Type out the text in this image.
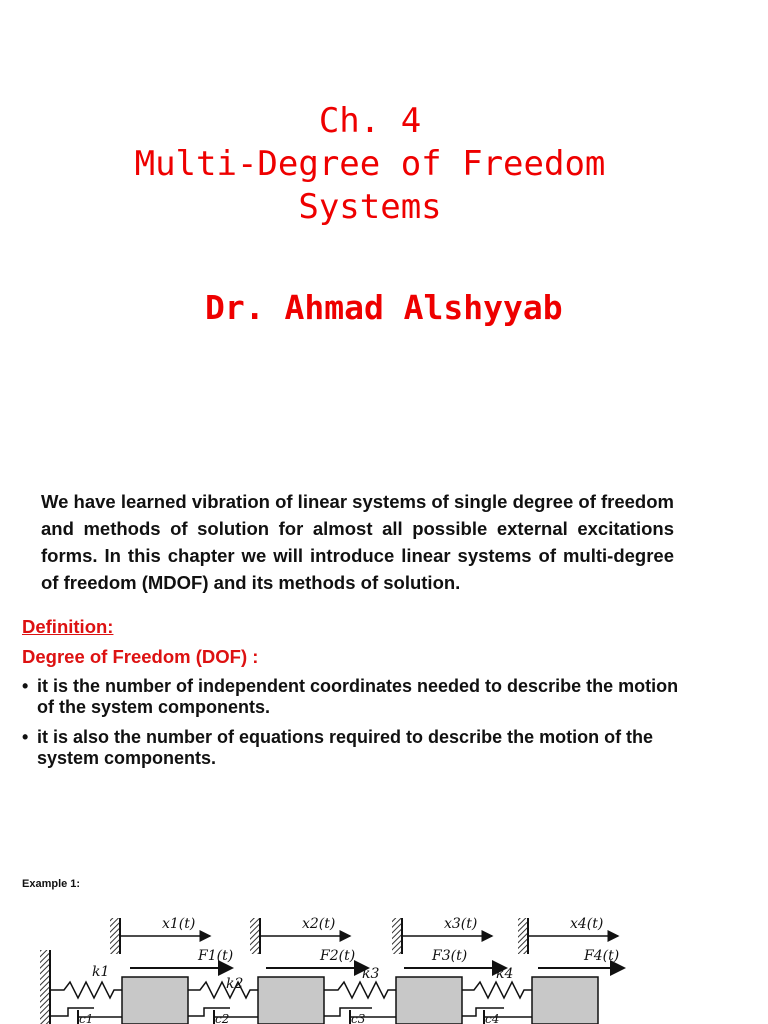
Ch. 4
Multi-Degree of Freedom
Systems
Dr. Ahmad Alshyyab
We have learned vibration of linear systems of single degree of freedom and methods of solution for almost all possible external excitations forms. In this chapter we will introduce linear systems of multi-degree of freedom (MDOF) and its methods of solution.
Definition:
Degree of Freedom (DOF) :
• it is the number of independent coordinates needed to describe the motion of the system components.
• it is also the number of equations required to describe the motion of the system components.
Example 1:
x1(t)	x2(t)	x3(t)	x4(t)
F1(t)	F2(t)	F3(t)	F4(t)
k1
k2
k3	k4
c1	c2	c3	c4
